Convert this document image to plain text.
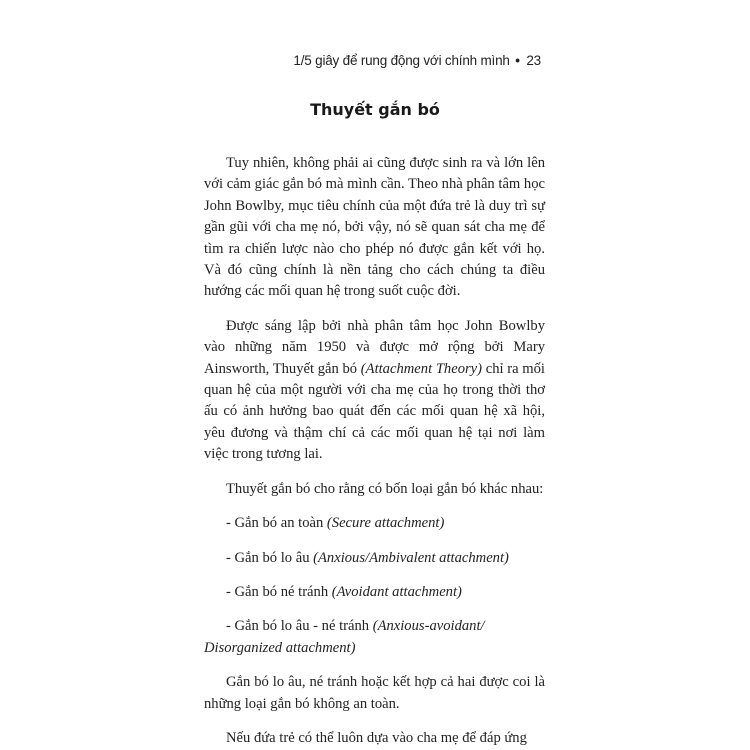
1/5 giây để rung động với chính mình • 23
Thuyết gắn bó

Tuy nhiên, không phải ai cũng được sinh ra và lớn lên với cảm giác gắn bó mà mình cần. Theo nhà phân tâm học John Bowlby, mục tiêu chính của một đứa trẻ là duy trì sự gần gũi với cha mẹ nó, bởi vậy, nó sẽ quan sát cha mẹ để tìm ra chiến lược nào cho phép nó được gắn kết với họ. Và đó cũng chính là nền tảng cho cách chúng ta điều hướng các mối quan hệ trong suốt cuộc đời.

Được sáng lập bởi nhà phân tâm học John Bowlby vào những năm 1950 và được mở rộng bởi Mary Ainsworth, Thuyết gắn bó (Attachment Theory) chỉ ra mối quan hệ của một người với cha mẹ của họ trong thời thơ ấu có ảnh hưởng bao quát đến các mối quan hệ xã hội, yêu đương và thậm chí cả các mối quan hệ tại nơi làm việc trong tương lai.

Thuyết gắn bó cho rằng có bốn loại gắn bó khác nhau:

- Gắn bó an toàn (Secure attachment)

- Gắn bó lo âu (Anxious/Ambivalent attachment)

- Gắn bó né tránh (Avoidant attachment)

- Gắn bó lo âu - né tránh (Anxious-avoidant/ Disorganized attachment)

Gắn bó lo âu, né tránh hoặc kết hợp cả hai được coi là những loại gắn bó không an toàn.

Nếu đứa trẻ có thể luôn dựa vào cha mẹ để đáp ứng
